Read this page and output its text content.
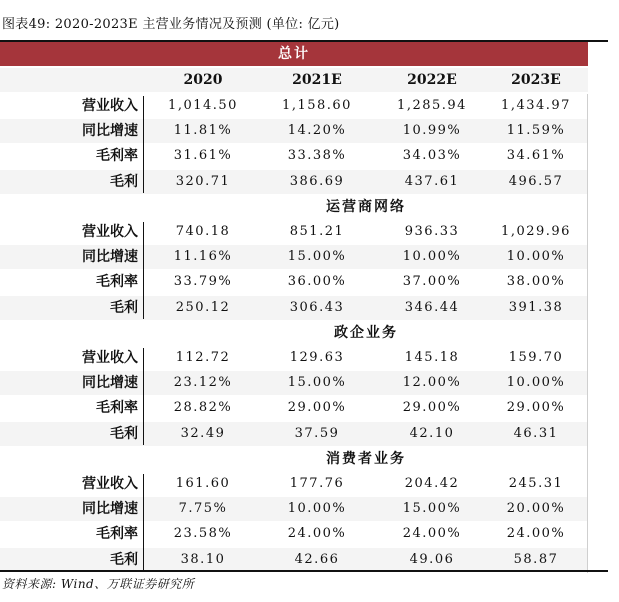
图表49: 2020-2023E 主营业务情况及预测 (单位: 亿元)
总计
2020	2021E	2022E	2023E
营业收入	1,014.50	1,158.60	1,285.94	1,434.97
同比增速	11.81%	14.20%	10.99%	11.59%
毛利率	31.61%	33.38%	34.03%	34.61%
毛利	320.71	386.69	437.61	496.57
运营商网络
营业收入	740.18	851.21	936.33	1,029.96
同比增速	11.16%	15.00%	10.00%	10.00%
毛利率	33.79%	36.00%	37.00%	38.00%
毛利	250.12	306.43	346.44	391.38
政企业务
营业收入	112.72	129.63	145.18	159.70
同比增速	23.12%	15.00%	12.00%	10.00%
毛利率	28.82%	29.00%	29.00%	29.00%
毛利	32.49	37.59	42.10	46.31
消费者业务
营业收入	161.60	177.76	204.42	245.31
同比增速	7.75%	10.00%	15.00%	20.00%
毛利率	23.58%	24.00%	24.00%	24.00%
毛利	38.10	42.66	49.06	58.87
资料来源: Wind、万联证券研究所
